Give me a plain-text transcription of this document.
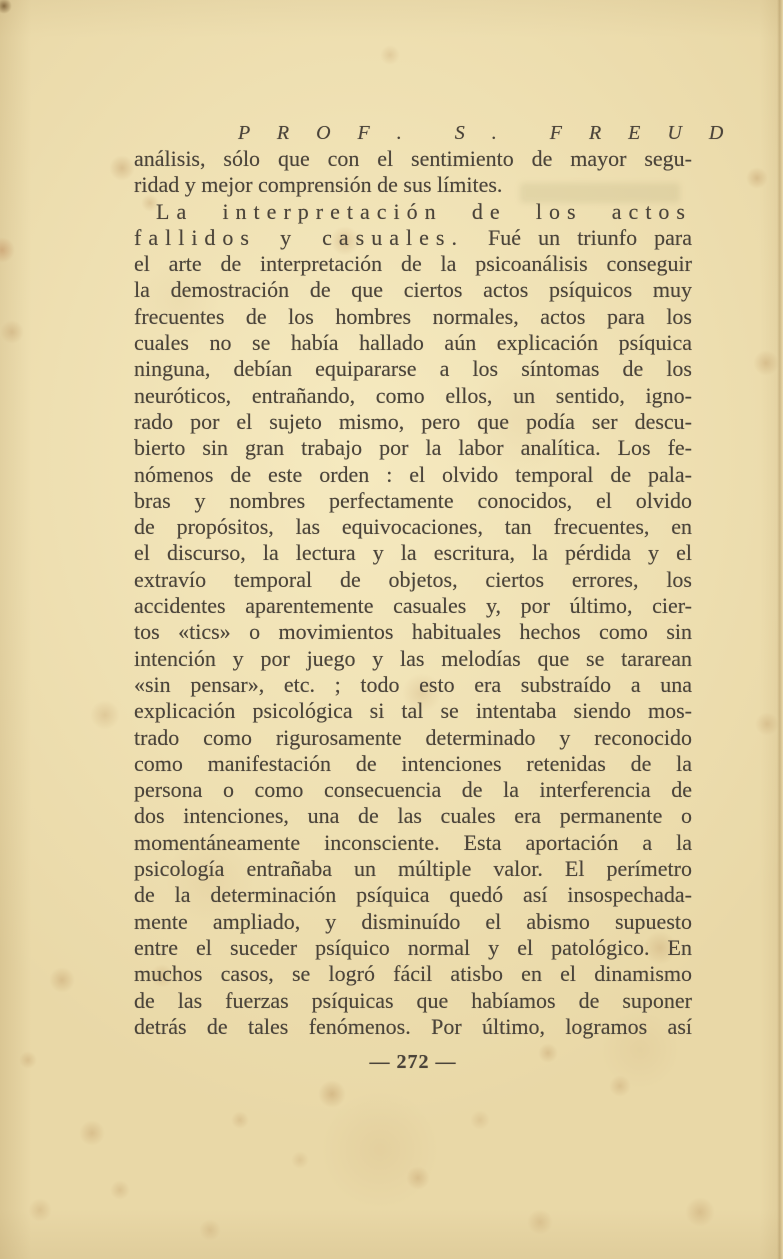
P R O F .  S .  F R E U D

análisis, sólo que con el sentimiento de mayor segu-
ridad y mejor comprensión de sus límites.
La interpretación de los actos
fallidos y casuales. Fué un triunfo para
el arte de interpretación de la psicoanálisis conseguir
la demostración de que ciertos actos psíquicos muy
frecuentes de los hombres normales, actos para los
cuales no se había hallado aún explicación psíquica
ninguna, debían equipararse a los síntomas de los
neuróticos, entrañando, como ellos, un sentido, igno-
rado por el sujeto mismo, pero que podía ser descu-
bierto sin gran trabajo por la labor analítica. Los fe-
nómenos de este orden : el olvido temporal de pala-
bras y nombres perfectamente conocidos, el olvido
de propósitos, las equivocaciones, tan frecuentes, en
el discurso, la lectura y la escritura, la pérdida y el
extravío temporal de objetos, ciertos errores, los
accidentes aparentemente casuales y, por último, cier-
tos «tics» o movimientos habituales hechos como sin
intención y por juego y las melodías que se tararean
«sin pensar», etc. ; todo esto era substraído a una
explicación psicológica si tal se intentaba siendo mos-
trado como rigurosamente determinado y reconocido
como manifestación de intenciones retenidas de la
persona o como consecuencia de la interferencia de
dos intenciones, una de las cuales era permanente o
momentáneamente inconsciente. Esta aportación a la
psicología entrañaba un múltiple valor. El perímetro
de la determinación psíquica quedó así insospechada-
mente ampliado, y disminuído el abismo supuesto
entre el suceder psíquico normal y el patológico. En
muchos casos, se logró fácil atisbo en el dinamismo
de las fuerzas psíquicas que habíamos de suponer
detrás de tales fenómenos. Por último, logramos así
— 272 —
